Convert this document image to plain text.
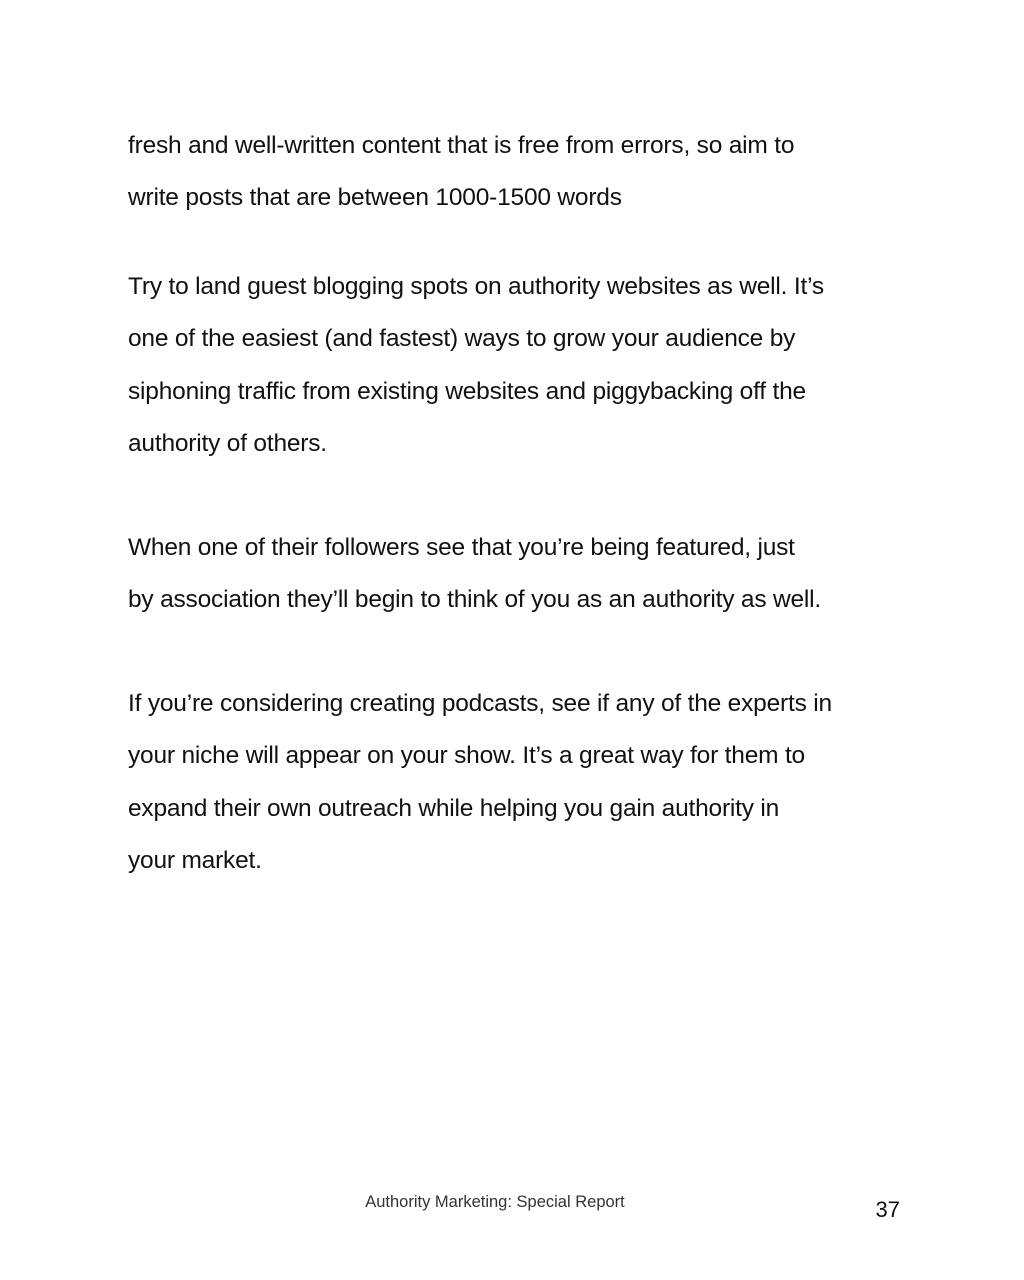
fresh and well-written content that is free from errors, so aim to
write posts that are between 1000-1500 words
Try to land guest blogging spots on authority websites as well. It’s
one of the easiest (and fastest) ways to grow your audience by
siphoning traffic from existing websites and piggybacking off the
authority of others.
When one of their followers see that you’re being featured, just
by association they’ll begin to think of you as an authority as well.
If you’re considering creating podcasts, see if any of the experts in
your niche will appear on your show. It’s a great way for them to
expand their own outreach while helping you gain authority in
your market.
Authority Marketing: Special Report	37
